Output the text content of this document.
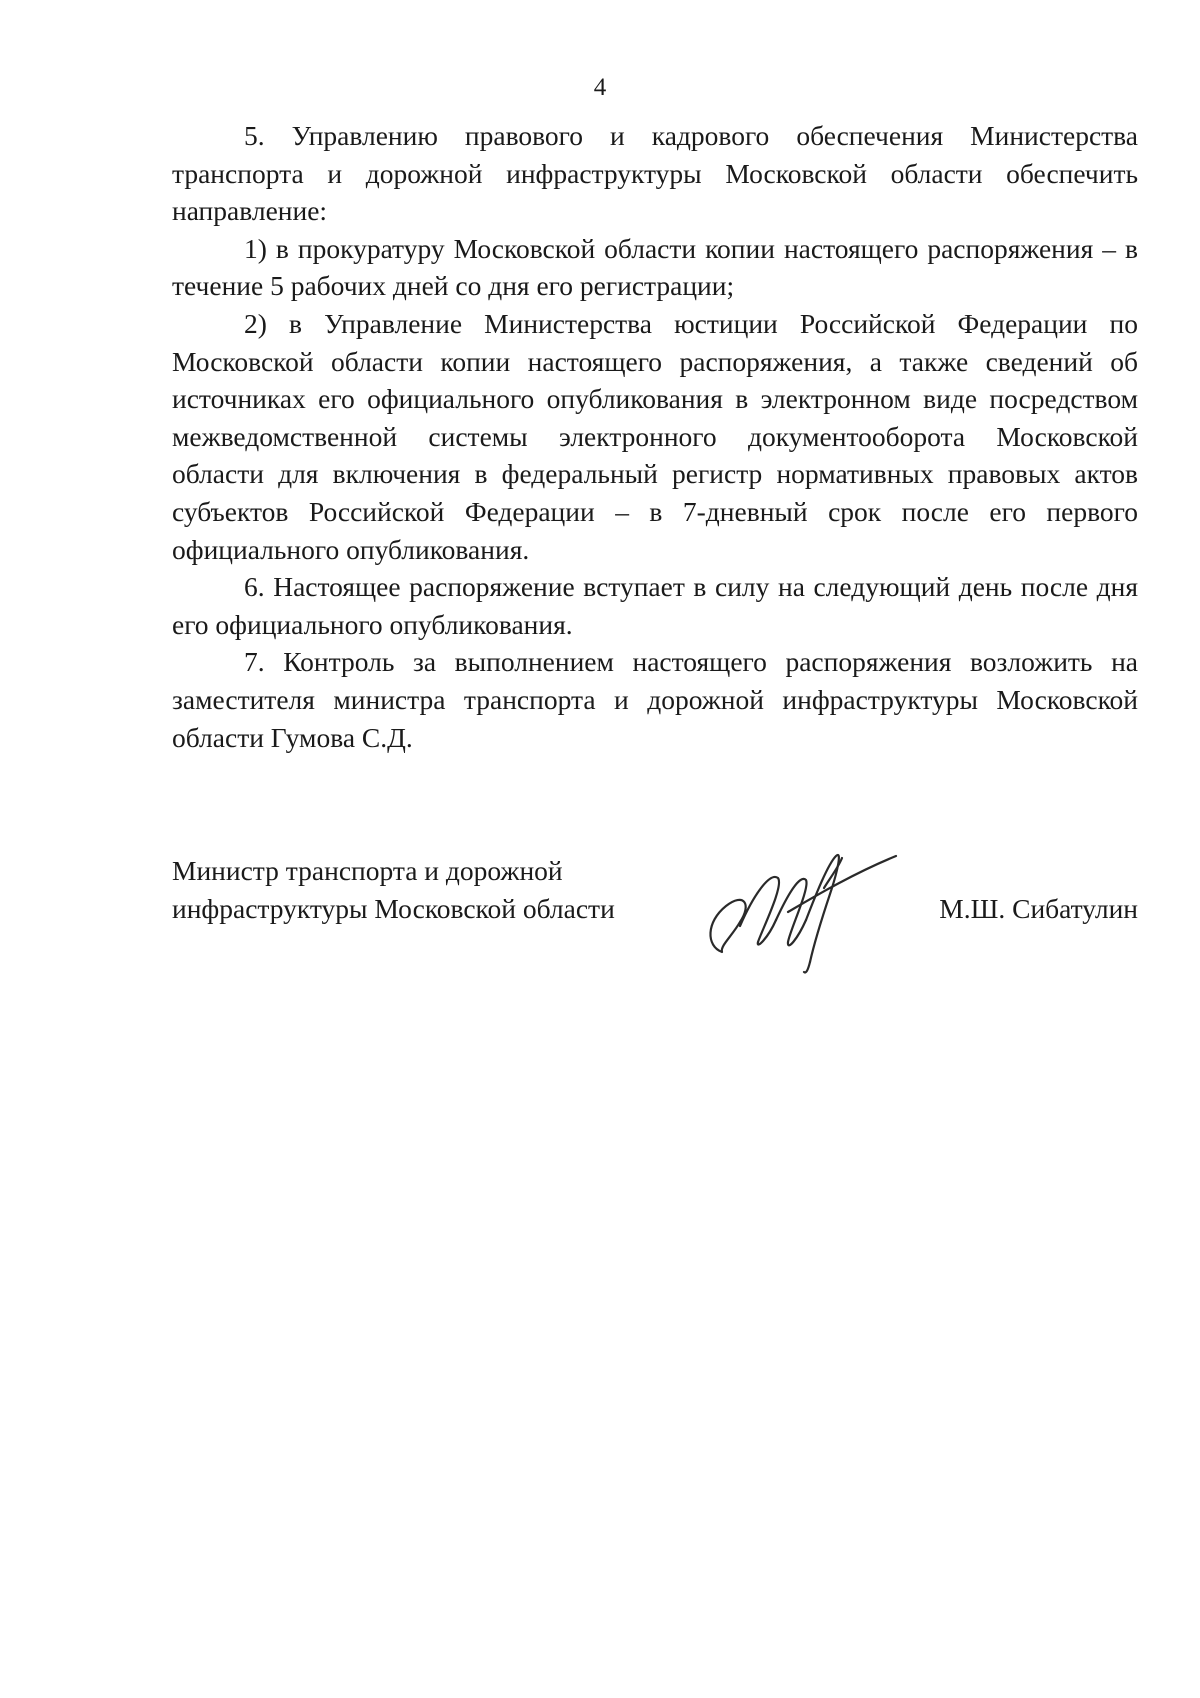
4

5. Управлению правового и кадрового обеспечения Министерства транспорта и дорожной инфраструктуры Московской области обеспечить направление:

1) в прокуратуру Московской области копии настоящего распоряжения – в течение 5 рабочих дней со дня его регистрации;

2) в Управление Министерства юстиции Российской Федерации по Московской области копии настоящего распоряжения, а также сведений об источниках его официального опубликования в электронном виде посредством межведомственной системы электронного документооборота Московской области для включения в федеральный регистр нормативных правовых актов субъектов Российской Федерации – в 7-дневный срок после его первого официального опубликования.

6. Настоящее распоряжение вступает в силу на следующий день после дня его официального опубликования.

7. Контроль за выполнением настоящего распоряжения возложить на заместителя министра транспорта и дорожной инфраструктуры Московской области Гумова С.Д.

Министр транспорта и дорожной
инфраструктуры Московской области	М.Ш. Сибатулин
